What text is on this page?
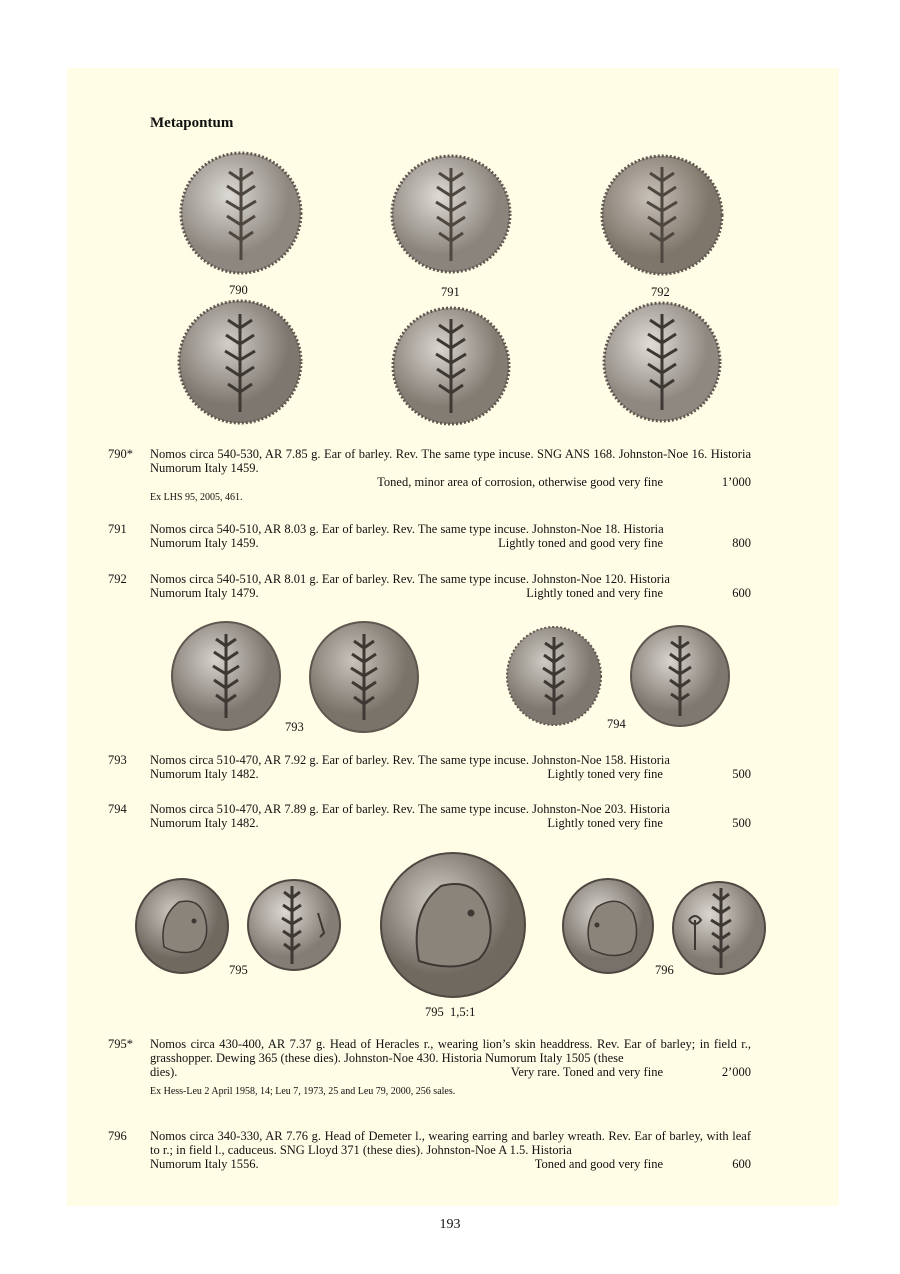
Metapontum
790	791	792
790* Nomos circa 540-530, AR 7.85 g. Ear of barley. Rev. The same type incuse. SNG ANS 168. Johnston-Noe 16. Historia Numorum Italy 1459.
Toned, minor area of corrosion, otherwise good very fine	1’000
Ex LHS 95, 2005, 461.
791 Nomos circa 540-510, AR 8.03 g. Ear of barley. Rev. The same type incuse. Johnston-Noe 18. Historia
Numorum Italy 1459.	Lightly toned and good very fine	800
792 Nomos circa 540-510, AR 8.01 g. Ear of barley. Rev. The same type incuse. Johnston-Noe 120. Historia
Numorum Italy 1479.	Lightly toned and very fine	600
793	794
793 Nomos circa 510-470, AR 7.92 g. Ear of barley. Rev. The same type incuse. Johnston-Noe 158. Historia
Numorum Italy 1482.	Lightly toned very fine	500
794 Nomos circa 510-470, AR 7.89 g. Ear of barley. Rev. The same type incuse. Johnston-Noe 203. Historia
Numorum Italy 1482.	Lightly toned very fine	500
795
795  1,5:1
796
795* Nomos circa 430-400, AR 7.37 g. Head of Heracles r., wearing lion’s skin headdress. Rev. Ear of barley; in field r., grasshopper. Dewing 365 (these dies). Johnston-Noe 430. Historia Numorum Italy 1505 (these
dies).	Very rare. Toned and very fine	2’000
Ex Hess-Leu 2 April 1958, 14; Leu 7, 1973, 25 and Leu 79, 2000, 256 sales.
796 Nomos circa 340-330, AR 7.76 g. Head of Demeter l., wearing earring and barley wreath. Rev. Ear of barley, with leaf to r.; in field l., caduceus. SNG Lloyd 371 (these dies). Johnston-Noe A 1.5. Historia
Numorum Italy 1556.	Toned and good very fine	600
193
